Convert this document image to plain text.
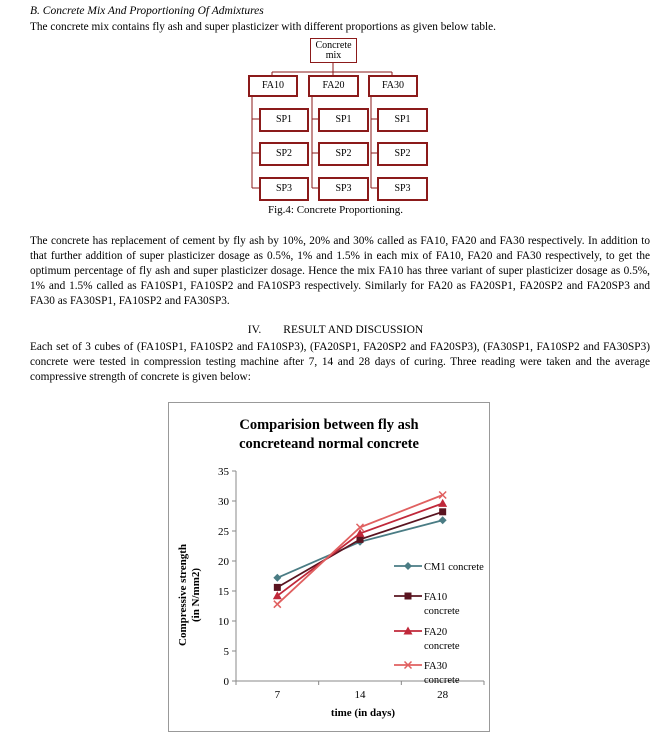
B. Concrete Mix And Proportioning Of Admixtures
The concrete mix contains fly ash and super plasticizer with different proportions as given below table.
Concrete
mix
FA10	FA20	FA30
SP1	SP1	SP1
SP2	SP2	SP2
SP3	SP3	SP3
Fig.4: Concrete Proportioning.
The concrete has replacement of cement by fly ash by 10%, 20% and 30% called as FA10, FA20 and FA30 respectively. In addition to that further addition of super plasticizer dosage as 0.5%, 1% and 1.5% in each mix of FA10, FA20 and FA30 respectively, to get the optimum percentage of fly ash and super plasticizer dosage. Hence the mix FA10 has three variant of super plasticizer dosage as 0.5%, 1% and 1.5% called as FA10SP1, FA10SP2 and FA10SP3 respectively. Similarly for FA20 as FA20SP1, FA20SP2 and FA20SP3 and FA30 as FA30SP1, FA10SP2 and FA30SP3.
IV. RESULT AND DISCUSSION
Each set of 3 cubes of (FA10SP1, FA10SP2 and FA10SP3), (FA20SP1, FA20SP2 and FA20SP3), (FA30SP1, FA10SP2 and FA30SP3) concrete were tested in compression testing machine after 7, 14 and 28 days of curing. Three reading were taken and the average compressive strength of concrete is given below:
Comparision between fly ash
concreteand normal concrete
Compressive strength (in N/mm2)
time (in days)
0
5
10
15
20
25
30
35
7	14	28
CM1 concrete
FA10
concrete
FA20
concrete
FA30
concrete
